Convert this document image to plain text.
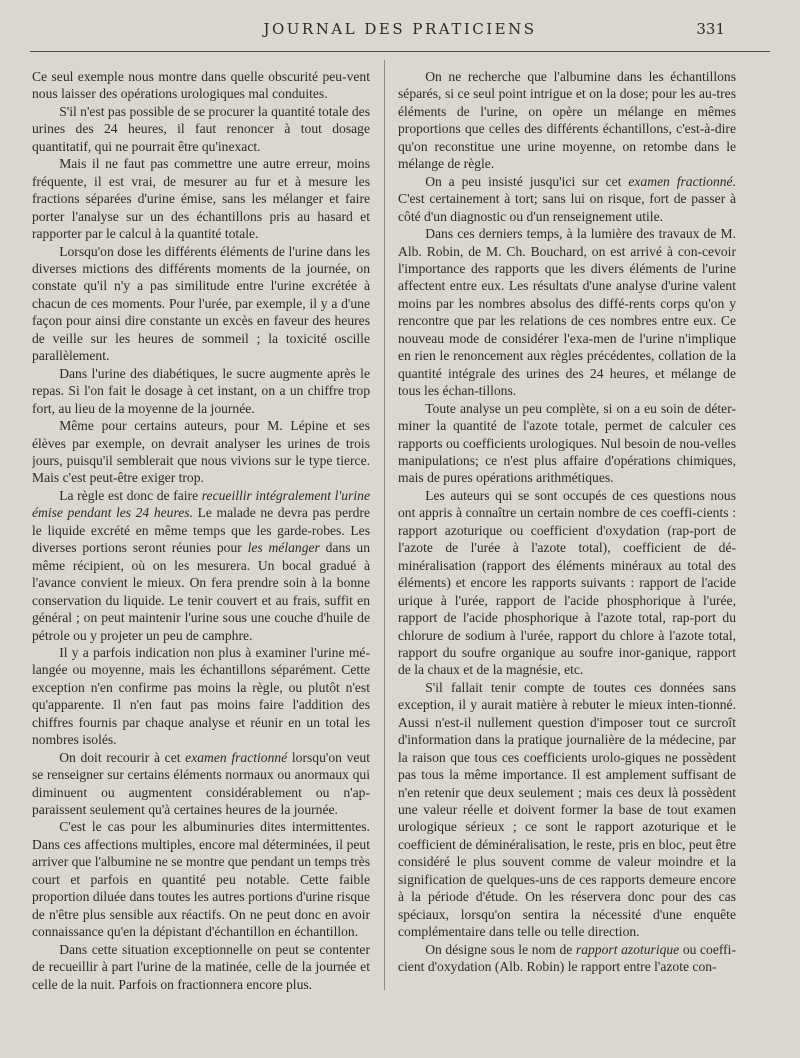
JOURNAL DES PRATICIENS	331

Ce seul exemple nous montre dans quelle obscurité peu-vent nous laisser des opérations urologiques mal conduites.

S'il n'est pas possible de se procurer la quantité totale des urines des 24 heures, il faut renoncer à tout dosage quantitatif, qui ne pourrait être qu'inexact.

Mais il ne faut pas commettre une autre erreur, moins fréquente, il est vrai, de mesurer au fur et à mesure les fractions séparées d'urine émise, sans les mélanger et faire porter l'analyse sur un des échantillons pris au hasard et rapporter par le calcul à la quantité totale.

Lorsqu'on dose les différents éléments de l'urine dans les diverses mictions des différents moments de la journée, on constate qu'il n'y a pas similitude entre l'urine excrétée à chacun de ces moments. Pour l'urée, par exemple, il y a d'une façon pour ainsi dire constante un excès en faveur des heures de veille sur les heures de sommeil ; la toxicité oscille parallèlement.

Dans l'urine des diabétiques, le sucre augmente après le repas. Si l'on fait le dosage à cet instant, on a un chiffre trop fort, au lieu de la moyenne de la journée.

Même pour certains auteurs, pour M. Lépine et ses élèves par exemple, on devrait analyser les urines de trois jours, puisqu'il semblerait que nous vivions sur le type tierce. Mais c'est peut-être exiger trop.

La règle est donc de faire recueillir intégralement l'urine émise pendant les 24 heures. Le malade ne devra pas perdre le liquide excrété en même temps que les garde-robes. Les diverses portions seront réunies pour les mélanger dans un même récipient, où on les mesurera. Un bocal gradué à l'avance convient le mieux. On fera prendre soin à la bonne conservation du liquide. Le tenir couvert et au frais, suffit en général ; on peut maintenir l'urine sous une couche d'huile de pétrole ou y projeter un peu de camphre.

Il y a parfois indication non plus à examiner l'urine mé-langée ou moyenne, mais les échantillons séparément. Cette exception n'en confirme pas moins la règle, ou plutôt n'est qu'apparente. Il n'en faut pas moins faire l'addition des chiffres fournis par chaque analyse et réunir en un total les nombres isolés.

On doit recourir à cet examen fractionné lorsqu'on veut se renseigner sur certains éléments normaux ou anormaux qui diminuent ou augmentent considérablement ou n'ap-paraissent seulement qu'à certaines heures de la journée.

C'est le cas pour les albuminuries dites intermittentes. Dans ces affections multiples, encore mal déterminées, il peut arriver que l'albumine ne se montre que pendant un temps très court et parfois en quantité peu notable. Cette faible proportion diluée dans toutes les autres portions d'urine risque de n'être plus sensible aux réactifs. On ne peut donc en avoir connaissance qu'en la dépistant d'échantillon en échantillon.

Dans cette situation exceptionnelle on peut se contenter de recueillir à part l'urine de la matinée, celle de la journée et celle de la nuit. Parfois on fractionnera encore plus.

On ne recherche que l'albumine dans les échantillons séparés, si ce seul point intrigue et on la dose; pour les au-tres éléments de l'urine, on opère un mélange en mêmes proportions que celles des différents échantillons, c'est-à-dire qu'on reconstitue une urine moyenne, on retombe dans le mélange de règle.

On a peu insisté jusqu'ici sur cet examen fractionné. C'est certainement à tort; sans lui on risque, fort de passer à côté d'un diagnostic ou d'un renseignement utile.

Dans ces derniers temps, à la lumière des travaux de M. Alb. Robin, de M. Ch. Bouchard, on est arrivé à con-cevoir l'importance des rapports que les divers éléments de l'urine affectent entre eux. Les résultats d'une analyse d'urine valent moins par les nombres absolus des diffé-rents corps qu'on y rencontre que par les relations de ces nombres entre eux. Ce nouveau mode de considérer l'exa-men de l'urine n'implique en rien le renoncement aux règles précédentes, collation de la quantité intégrale des urines des 24 heures, et mélange de tous les échan-tillons.

Toute analyse un peu complète, si on a eu soin de déter-miner la quantité de l'azote totale, permet de calculer ces rapports ou coefficients urologiques. Nul besoin de nou-velles manipulations; ce n'est plus affaire d'opérations chimiques, mais de pures opérations arithmétiques.

Les auteurs qui se sont occupés de ces questions nous ont appris à connaître un certain nombre de ces coeffi-cients : rapport azoturique ou coefficient d'oxydation (rap-port de l'azote de l'urée à l'azote total), coefficient de dé-minéralisation (rapport des éléments minéraux au total des éléments) et encore les rapports suivants : rapport de l'acide urique à l'urée, rapport de l'acide phosphorique à l'urée, rapport de l'acide phosphorique à l'azote total, rap-port du chlorure de sodium à l'urée, rapport du chlore à l'azote total, rapport du soufre organique au soufre inor-ganique, rapport de la chaux et de la magnésie, etc.

S'il fallait tenir compte de toutes ces données sans exception, il y aurait matière à rebuter le mieux inten-tionné. Aussi n'est-il nullement question d'imposer tout ce surcroît d'information dans la pratique journalière de la médecine, par la raison que tous ces coefficients urolo-giques ne possèdent pas tous la même importance. Il est amplement suffisant de n'en retenir que deux seulement ; mais ces deux là possèdent une valeur réelle et doivent former la base de tout examen urologique sérieux ; ce sont le rapport azoturique et le coefficient de déminéralisation, le reste, pris en bloc, peut être considéré le plus souvent comme de valeur moindre et la signification de quelques-uns de ces rapports demeure encore à la période d'étude. On les réservera donc pour des cas spéciaux, lorsqu'on sentira la nécessité d'une enquête complémentaire dans telle ou telle direction.

On désigne sous le nom de rapport azoturique ou coeffi-cient d'oxydation (Alb. Robin) le rapport entre l'azote con-
